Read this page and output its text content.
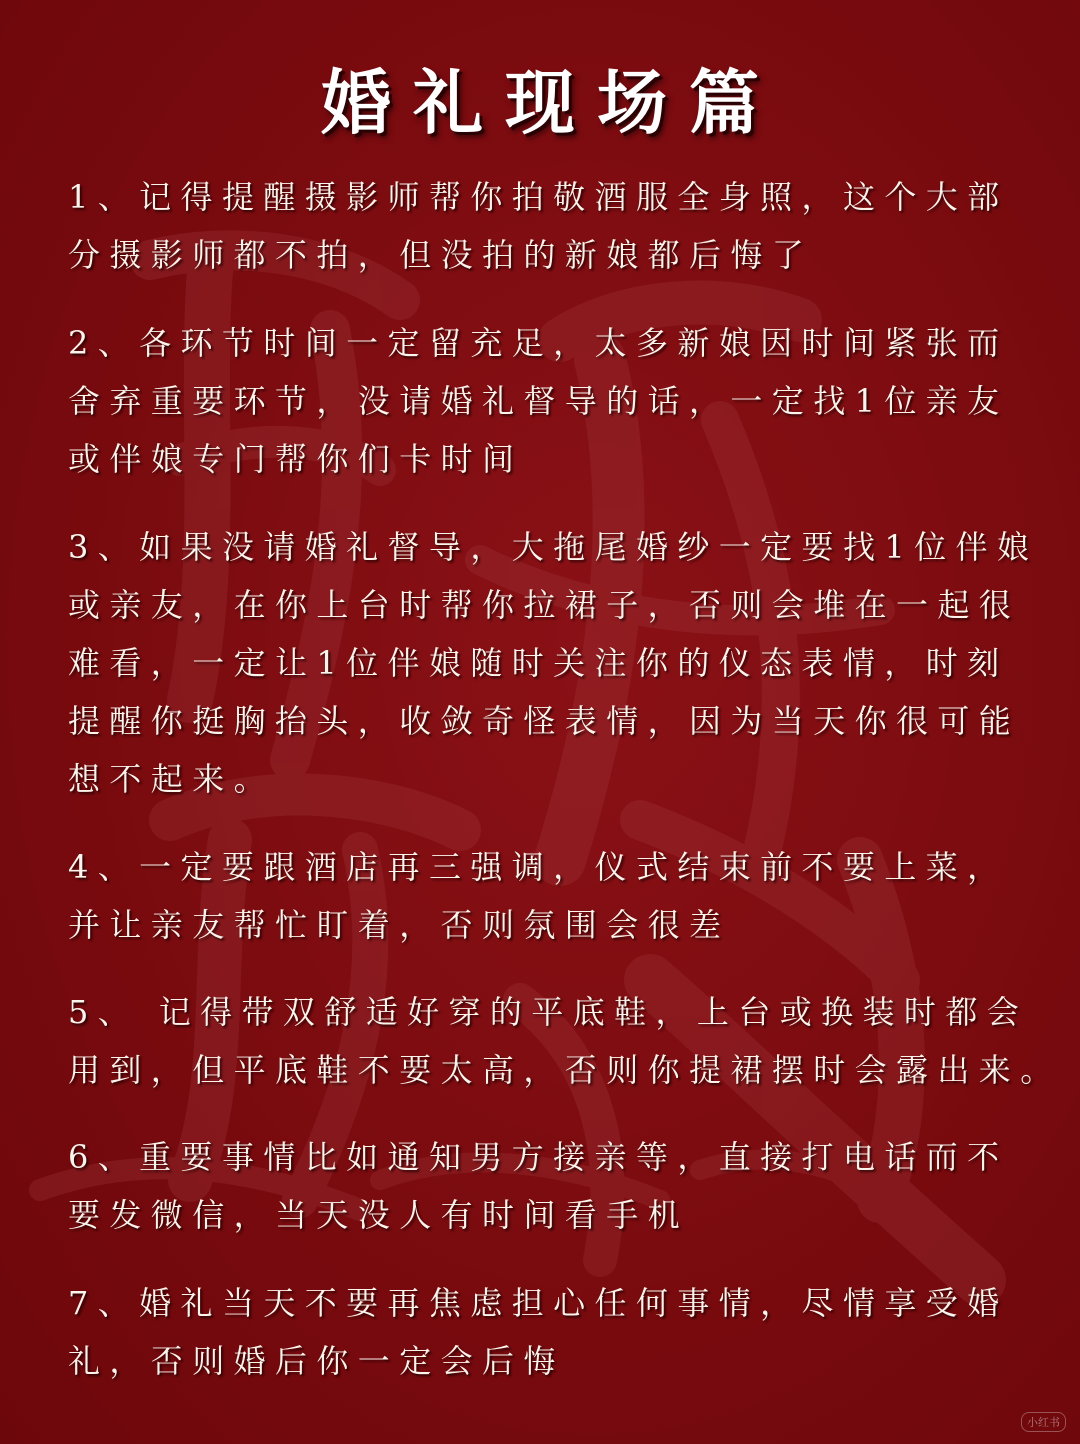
婚礼现场篇
1、记得提醒摄影师帮你拍敬酒服全身照，这个大部
分摄影师都不拍，但没拍的新娘都后悔了
2、各环节时间一定留充足，太多新娘因时间紧张而
舍弃重要环节，没请婚礼督导的话，一定找1位亲友
或伴娘专门帮你们卡时间
3、如果没请婚礼督导，大拖尾婚纱一定要找1位伴娘
或亲友，在你上台时帮你拉裙子，否则会堆在一起很
难看，一定让1位伴娘随时关注你的仪态表情，时刻
提醒你挺胸抬头，收敛奇怪表情，因为当天你很可能
想不起来。
4、一定要跟酒店再三强调，仪式结束前不要上菜，
并让亲友帮忙盯着，否则氛围会很差
5、 记得带双舒适好穿的平底鞋，上台或换装时都会
用到，但平底鞋不要太高，否则你提裙摆时会露出来。
6、重要事情比如通知男方接亲等，直接打电话而不
要发微信，当天没人有时间看手机
7、婚礼当天不要再焦虑担心任何事情，尽情享受婚
礼，否则婚后你一定会后悔
小红书
